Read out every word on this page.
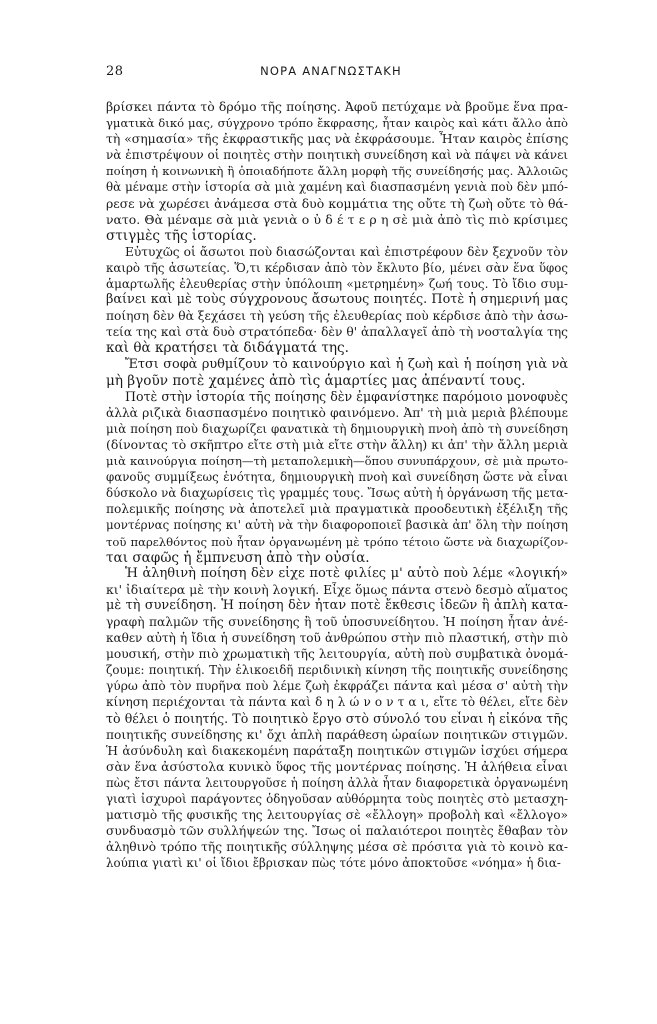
28	ΝΟΡΑ ΑΝΑΓΝΩΣΤΑΚΗ
βρίσκει πάντα τὸ δρόμο τῆς ποίησης. Ἀφοῦ πετύχαμε νὰ βροῦμε ἕνα πρα-
γματικὰ δικό μας, σύγχρονο τρόπο ἔκφρασης, ἦταν καιρὸς καὶ κάτι ἄλλο ἀπὸ
τὴ «σημασία» τῆς ἐκφραστικῆς μας νὰ ἐκφράσουμε. Ἦταν καιρὸς ἐπίσης
νὰ ἐπιστρέψουν οἱ ποιητὲς στὴν ποιητικὴ συνείδηση καὶ νὰ πάψει νὰ κάνει
ποίηση ἡ κοινωνικὴ ἢ ὁποιαδήποτε ἄλλη μορφὴ τῆς συνείδησής μας. Ἀλλοιῶς
θὰ μέναμε στὴν ἱστορία σὰ μιὰ χαμένη καὶ διασπασμένη γενιὰ ποὺ δὲν μπό-
ρεσε νὰ χωρέσει ἀνάμεσα στὰ δυὸ κομμάτια της οὔτε τὴ ζωὴ οὔτε τὸ θά-
νατο. Θὰ μέναμε σὰ μιὰ γενιὰ ο ὐ δ έ τ ε ρ η σὲ μιὰ ἀπὸ τὶς πιὸ κρίσιμες
στιγμὲς τῆς ἱστορίας.
Εὐτυχῶς οἱ ἄσωτοι ποὺ διασώζονται καὶ ἐπιστρέφουν δὲν ξεχνοῦν τὸν
καιρὸ τῆς ἀσωτείας. Ὅ,τι κέρδισαν ἀπὸ τὸν ἔκλυτο βίο, μένει σὰν ἕνα ὕφος
ἁμαρτωλῆς ἐλευθερίας στὴν ὑπόλοιπη «μετρημένη» ζωή τους. Τὸ ἴδιο συμ-
βαίνει καὶ μὲ τοὺς σύγχρονους ἄσωτους ποιητές. Ποτὲ ἡ σημερινή μας
ποίηση δὲν θὰ ξεχάσει τὴ γεύση τῆς ἐλευθερίας ποὺ κέρδισε ἀπὸ τὴν ἀσω-
τεία της καὶ στὰ δυὸ στρατόπεδα· δὲν θ' ἀπαλλαγεῖ ἀπὸ τὴ νοσταλγία της
καὶ θὰ κρατήσει τὰ διδάγματά της.
Ἔτσι σοφὰ ρυθμίζουν τὸ καινούργιο καὶ ἡ ζωὴ καὶ ἡ ποίηση γιὰ νὰ
μὴ βγοῦν ποτὲ χαμένες ἀπὸ τὶς ἁμαρτίες μας ἀπέναντί τους.
Ποτὲ στὴν ἱστορία τῆς ποίησης δὲν ἐμφανίστηκε παρόμοιο μονοφυὲς
ἀλλὰ ριζικὰ διασπασμένο ποιητικὸ φαινόμενο. Ἀπ' τὴ μιὰ μεριὰ βλέπουμε
μιὰ ποίηση ποὺ διαχωρίζει φανατικὰ τὴ δημιουργικὴ πνοὴ ἀπὸ τὴ συνείδηση
(δίνοντας τὸ σκῆπτρο εἴτε στὴ μιὰ εἴτε στὴν ἄλλη) κι ἀπ' τὴν ἄλλη μεριὰ
μιὰ καινούργια ποίηση—τὴ μεταπολεμικὴ—ὅπου συνυπάρχουν, σὲ μιὰ πρωτο-
φανοῦς συμμίξεως ἑνότητα, δημιουργικὴ πνοὴ καὶ συνείδηση ὥστε νὰ εἶναι
δύσκολο νὰ διαχωρίσεις τὶς γραμμές τους. Ἴσως αὐτὴ ἡ ὀργάνωση τῆς μετα-
πολεμικῆς ποίησης νὰ ἀποτελεῖ μιὰ πραγματικὰ προοδευτικὴ ἐξέλιξη τῆς
μοντέρνας ποίησης κι' αὐτὴ νὰ τὴν διαφοροποιεῖ βασικὰ ἀπ' ὅλη τὴν ποίηση
τοῦ παρελθόντος ποὺ ἦταν ὀργανωμένη μὲ τρόπο τέτοιο ὥστε νὰ διαχωρίζον-
ται σαφῶς ἡ ἔμπνευση ἀπὸ τὴν οὐσία.
Ἡ ἀληθινὴ ποίηση δὲν εἶχε ποτὲ φιλίες μ' αὐτὸ ποὺ λέμε «λογική»
κι' ἰδιαίτερα μὲ τὴν κοινὴ λογική. Εἶχε ὅμως πάντα στενὸ δεσμὸ αἵματος
μὲ τὴ συνείδηση. Ἡ ποίηση δὲν ἦταν ποτὲ ἔκθεσις ἰδεῶν ἢ ἁπλὴ κατα-
γραφὴ παλμῶν τῆς συνείδησης ἢ τοῦ ὑποσυνείδητου. Ἡ ποίηση ἦταν ἀνέ-
καθεν αὐτὴ ἡ ἴδια ἡ συνείδηση τοῦ ἀνθρώπου στὴν πιὸ πλαστική, στὴν πιὸ
μουσική, στὴν πιὸ χρωματικὴ τῆς λειτουργία, αὐτὴ ποὺ συμβατικὰ ὀνομά-
ζουμε: ποιητική. Τὴν ἑλικοειδῆ περιδινικὴ κίνηση τῆς ποιητικῆς συνείδησης
γύρω ἀπὸ τὸν πυρῆνα ποὺ λέμε ζωὴ ἐκφράζει πάντα καὶ μέσα σ' αὐτὴ τὴν
κίνηση περιέχονται τὰ πάντα καὶ δ η λ ώ ν ο ν τ α ι, εἴτε τὸ θέλει, εἴτε δὲν
τὸ θέλει ὁ ποιητής. Τὸ ποιητικὸ ἔργο στὸ σύνολό του εἶναι ἡ εἰκόνα τῆς
ποιητικῆς συνείδησης κι' ὄχι ἁπλὴ παράθεση ὡραίων ποιητικῶν στιγμῶν.
Ἡ ἀσύνδυλη καὶ διακεκομένη παράταξη ποιητικῶν στιγμῶν ἰσχύει σήμερα
σὰν ἕνα ἀσύστολα κυνικὸ ὕφος τῆς μοντέρνας ποίησης. Ἡ ἀλήθεια εἶναι
πὼς ἔτσι πάντα λειτουργοῦσε ἡ ποίηση ἀλλὰ ἦταν διαφορετικὰ ὀργανωμένη
γιατὶ ἰσχυροὶ παράγοντες ὁδηγοῦσαν αὐθόρμητα τοὺς ποιητὲς στὸ μετασχη-
ματισμὸ τῆς φυσικῆς της λειτουργίας σὲ «ἔλλογη» προβολὴ καὶ «ἔλλογο»
συνδυασμὸ τῶν συλλήψεών της. Ἴσως οἱ παλαιότεροι ποιητὲς ἔθαβαν τὸν
ἀληθινὸ τρόπο τῆς ποιητικῆς σύλληψης μέσα σὲ πρόσιτα γιὰ τὸ κοινὸ κα-
λούπια γιατὶ κι' οἱ ἴδιοι ἔβρισκαν πὼς τότε μόνο ἀποκτοῦσε «νόημα» ἡ δια-
